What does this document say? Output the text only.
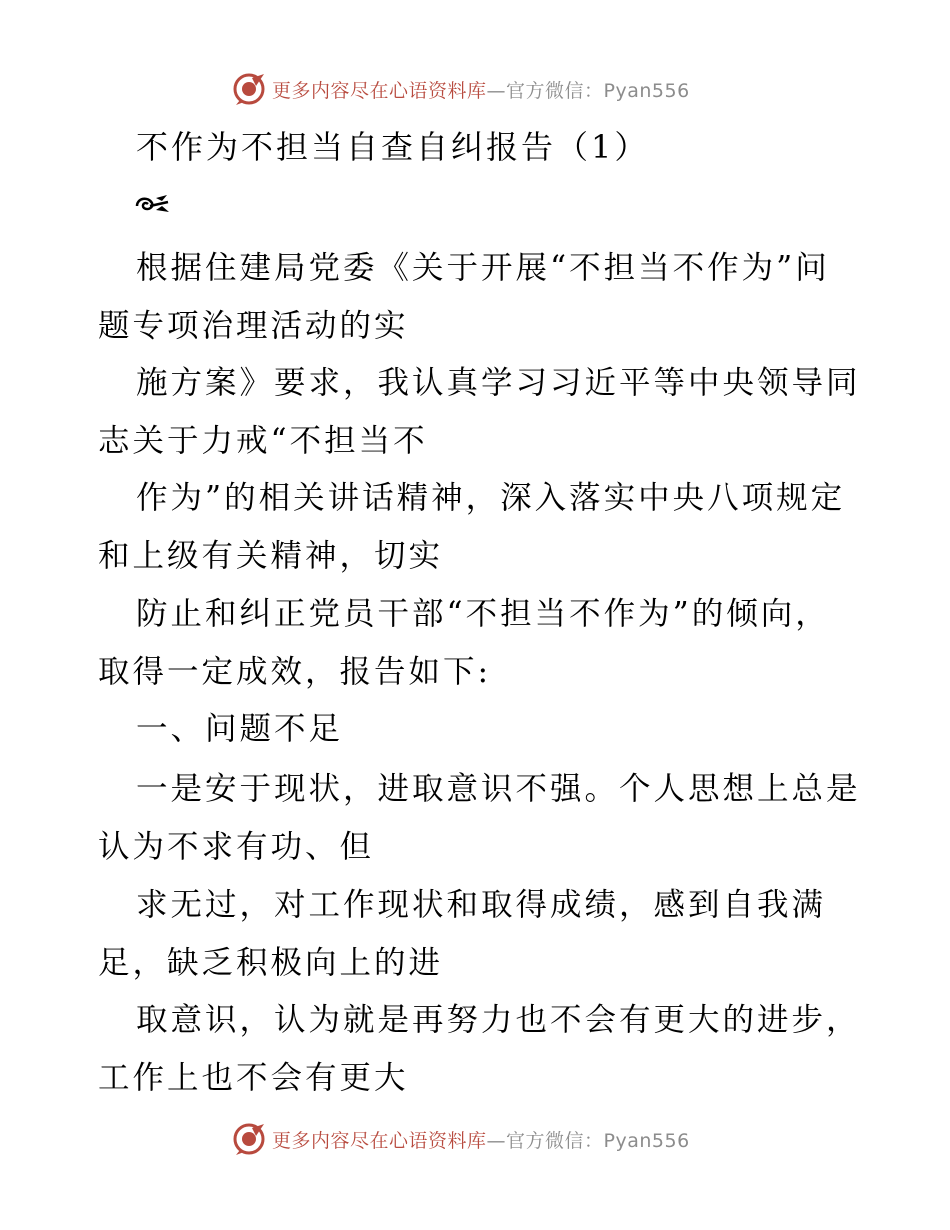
更多内容尽在心语资料库—官方微信：Pyan556
不作为不担当自查自纠报告（1）
根据住建局党委《关于开展“不担当不作为”问
题专项治理活动的实
施方案》要求，我认真学习习近平等中央领导同
志关于力戒“不担当不
作为”的相关讲话精神，深入落实中央八项规定
和上级有关精神，切实
防止和纠正党员干部“不担当不作为”的倾向，
取得一定成效，报告如下:
一、问题不足
一是安于现状，进取意识不强。个人思想上总是
认为不求有功、但
求无过，对工作现状和取得成绩，感到自我满
足，缺乏积极向上的进
取意识，认为就是再努力也不会有更大的进步，
工作上也不会有更大
更多内容尽在心语资料库—官方微信：Pyan556
